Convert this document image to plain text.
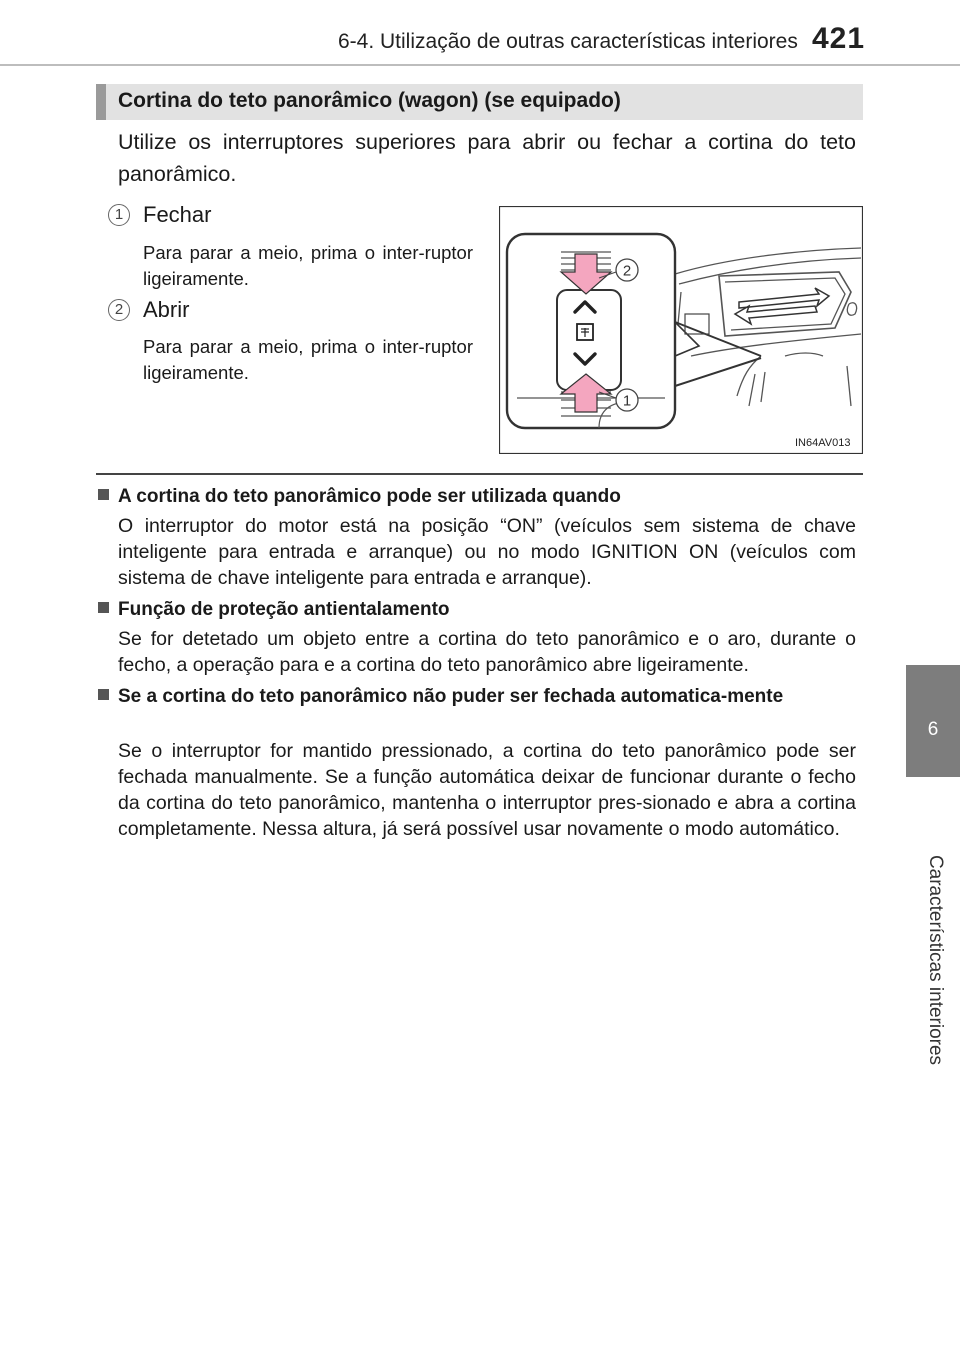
6-4. Utilização de outras características interiores 421
6
Características interiores
Cortina do teto panorâmico (wagon) (se equipado)

Utilize os interruptores superiores para abrir ou fechar a cortina do teto panorâmico.

1 Fechar

Para parar a meio, prima o inter-ruptor ligeiramente.

2 Abrir

Para parar a meio, prima o inter-ruptor ligeiramente.

2
1
IN64AV013
A cortina do teto panorâmico pode ser utilizada quando

O interruptor do motor está na posição “ON” (veículos sem sistema de chave inteligente para entrada e arranque) ou no modo IGNITION ON (veículos com sistema de chave inteligente para entrada e arranque).

Função de proteção antientalamento

Se for detetado um objeto entre a cortina do teto panorâmico e o aro, durante o fecho, a operação para e a cortina do teto panorâmico abre ligeiramente.

Se a cortina do teto panorâmico não puder ser fechada automatica-mente

Se o interruptor for mantido pressionado, a cortina do teto panorâmico pode ser fechada manualmente. Se a função automática deixar de funcionar durante o fecho da cortina do teto panorâmico, mantenha o interruptor pres-sionado e abra a cortina completamente. Nessa altura, já será possível usar novamente o modo automático.
